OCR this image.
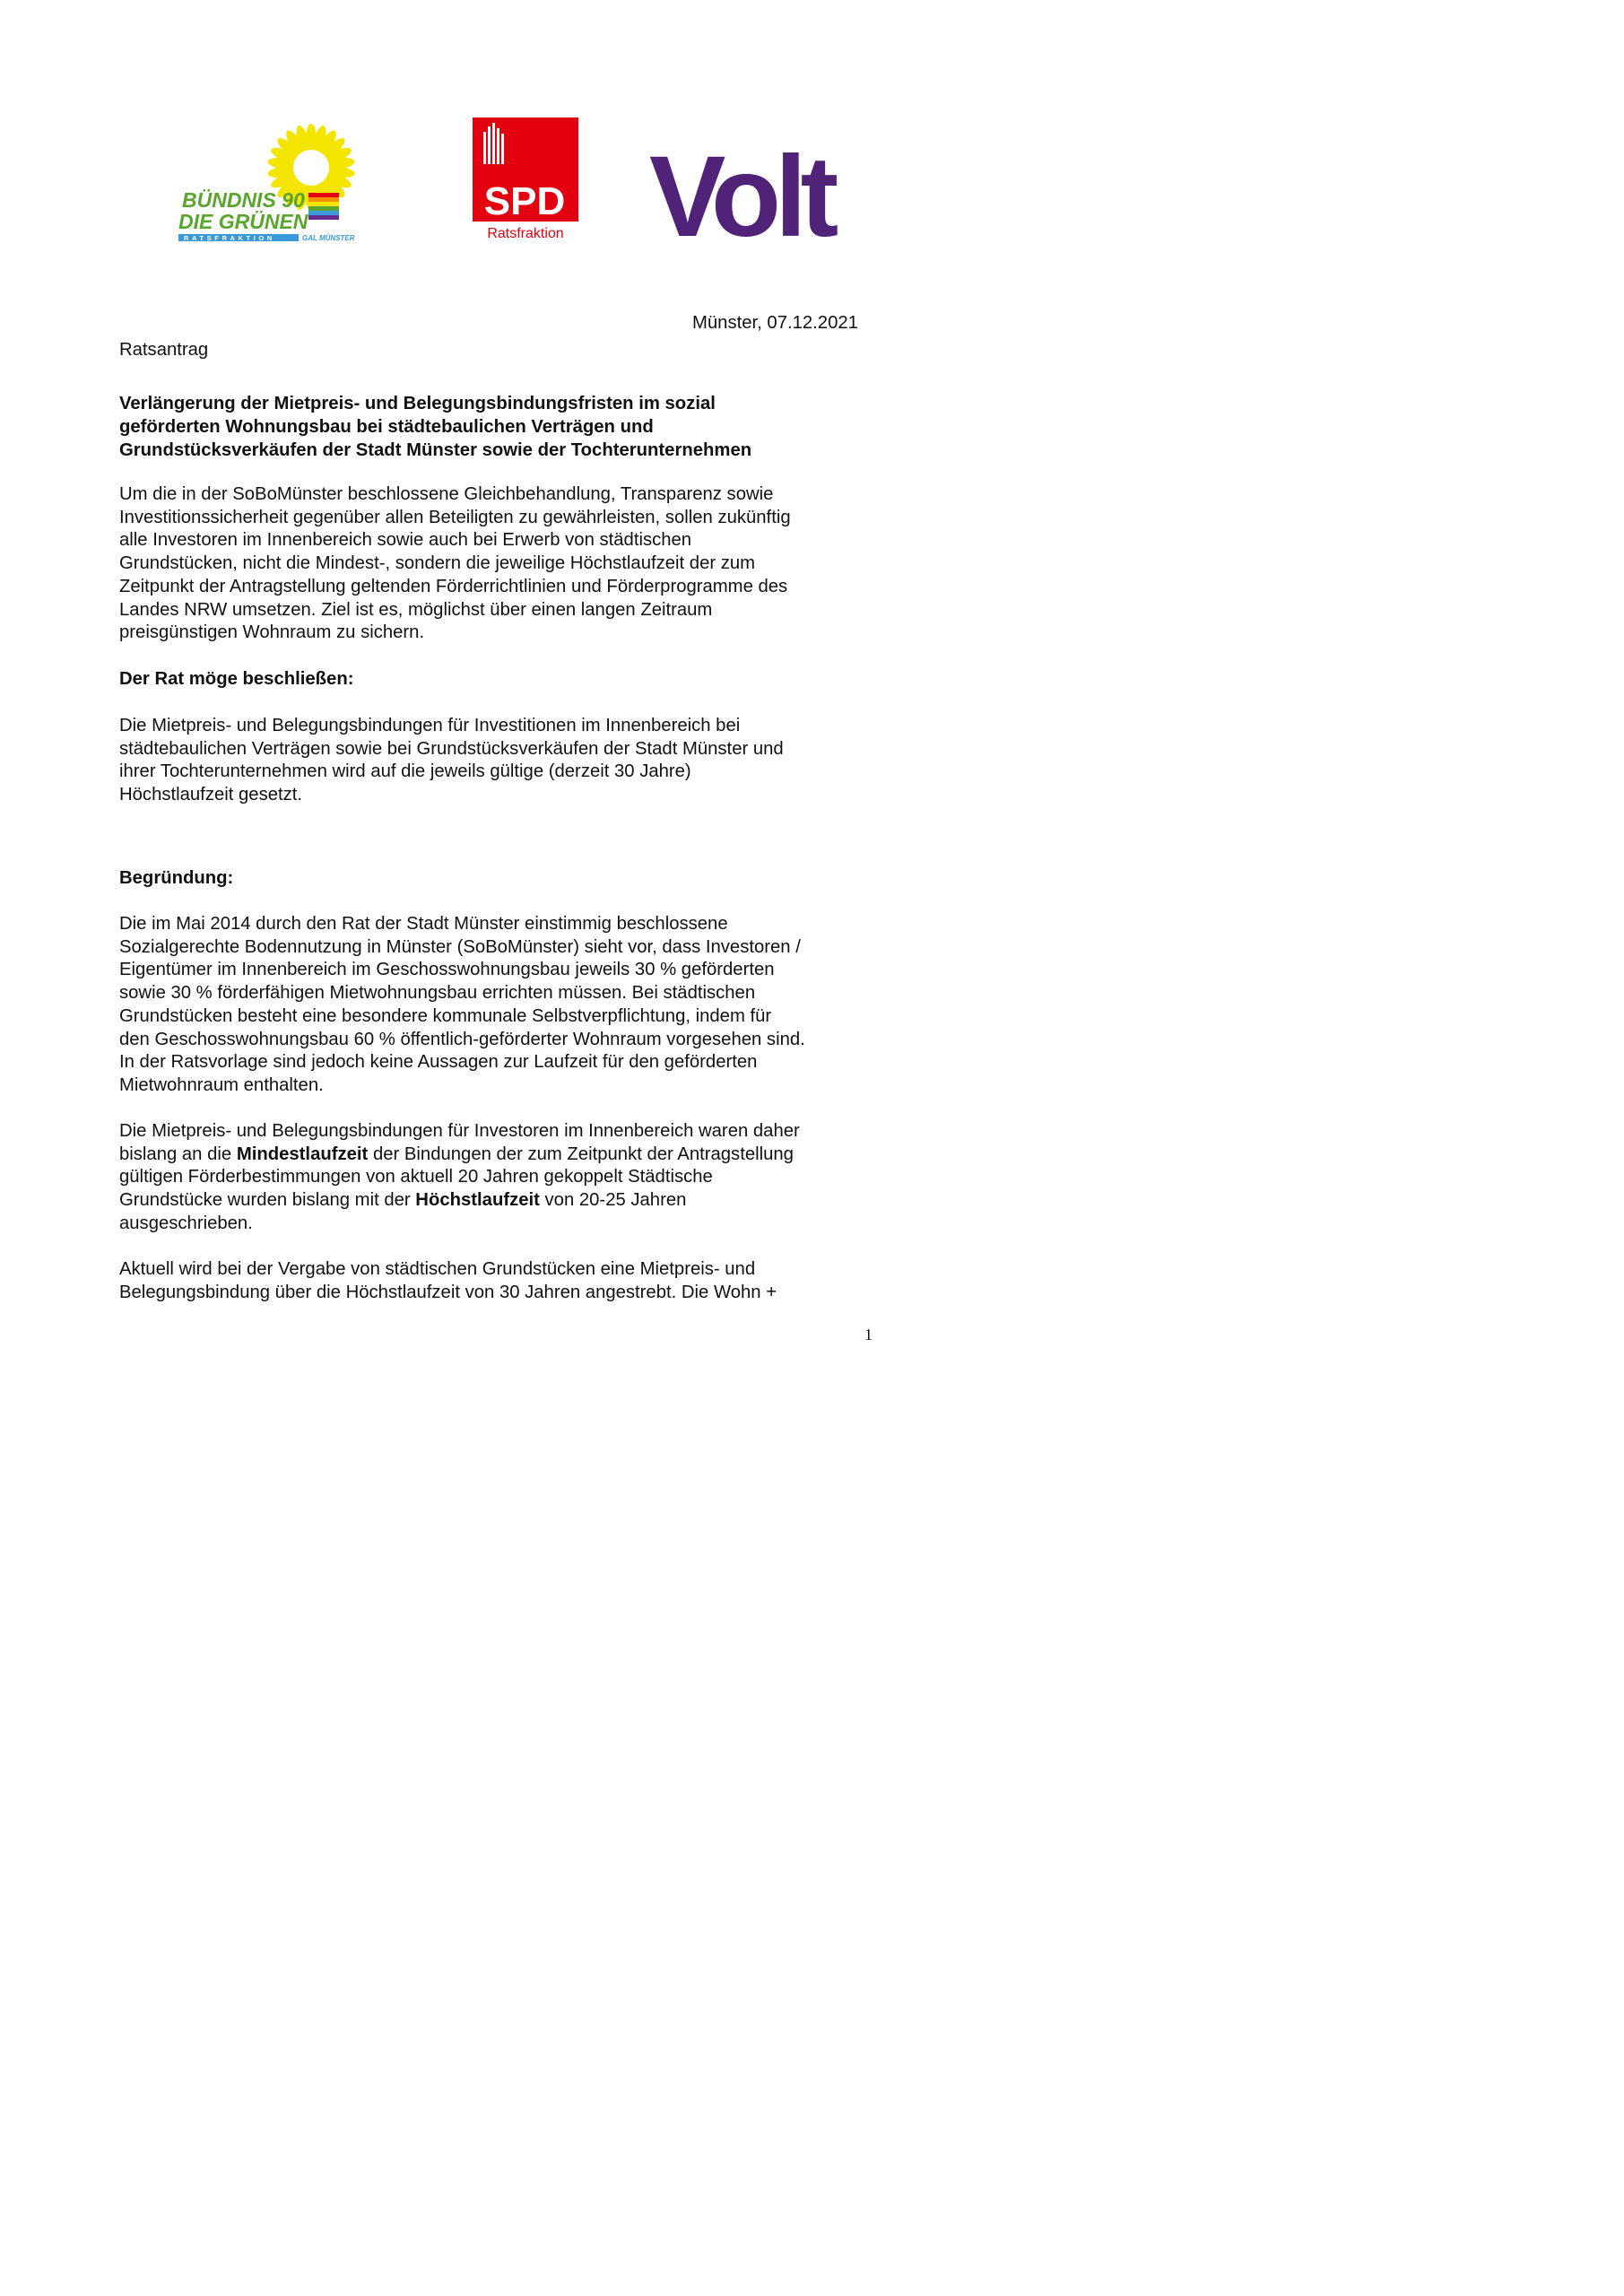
BÜNDNIS 90
DIE GRÜNEN
RATSFRAKTION	GAL MÜNSTER
SPD
Ratsfraktion Volt
Münster, 07.12.2021
Ratsantrag
Verlängerung der Mietpreis- und Belegungsbindungsfristen im sozial
geförderten Wohnungsbau bei städtebaulichen Verträgen und
Grundstücksverkäufen der Stadt Münster sowie der Tochterunternehmen
Um die in der SoBoMünster beschlossene Gleichbehandlung, Transparenz sowie
Investitionssicherheit gegenüber allen Beteiligten zu gewährleisten, sollen zukünftig
alle Investoren im Innenbereich sowie auch bei Erwerb von städtischen
Grundstücken, nicht die Mindest-, sondern die jeweilige Höchstlaufzeit der zum
Zeitpunkt der Antragstellung geltenden Förderrichtlinien und Förderprogramme des
Landes NRW umsetzen. Ziel ist es, möglichst über einen langen Zeitraum
preisgünstigen Wohnraum zu sichern.
Der Rat möge beschließen:
Die Mietpreis- und Belegungsbindungen für Investitionen im Innenbereich bei
städtebaulichen Verträgen sowie bei Grundstücksverkäufen der Stadt Münster und
ihrer Tochterunternehmen wird auf die jeweils gültige (derzeit 30 Jahre)
Höchstlaufzeit gesetzt.
Begründung:
Die im Mai 2014 durch den Rat der Stadt Münster einstimmig beschlossene
Sozialgerechte Bodennutzung in Münster (SoBoMünster) sieht vor, dass Investoren /
Eigentümer im Innenbereich im Geschosswohnungsbau jeweils 30 % geförderten
sowie 30 % förderfähigen Mietwohnungsbau errichten müssen. Bei städtischen
Grundstücken besteht eine besondere kommunale Selbstverpflichtung, indem für
den Geschosswohnungsbau 60 % öffentlich-geförderter Wohnraum vorgesehen sind.
In der Ratsvorlage sind jedoch keine Aussagen zur Laufzeit für den geförderten
Mietwohnraum enthalten.
Die Mietpreis- und Belegungsbindungen für Investoren im Innenbereich waren daher
bislang an die Mindestlaufzeit der Bindungen der zum Zeitpunkt der Antragstellung
gültigen Förderbestimmungen von aktuell 20 Jahren gekoppelt Städtische
Grundstücke wurden bislang mit der Höchstlaufzeit von 20-25 Jahren
ausgeschrieben.
Aktuell wird bei der Vergabe von städtischen Grundstücken eine Mietpreis- und
Belegungsbindung über die Höchstlaufzeit von 30 Jahren angestrebt. Die Wohn +
1
